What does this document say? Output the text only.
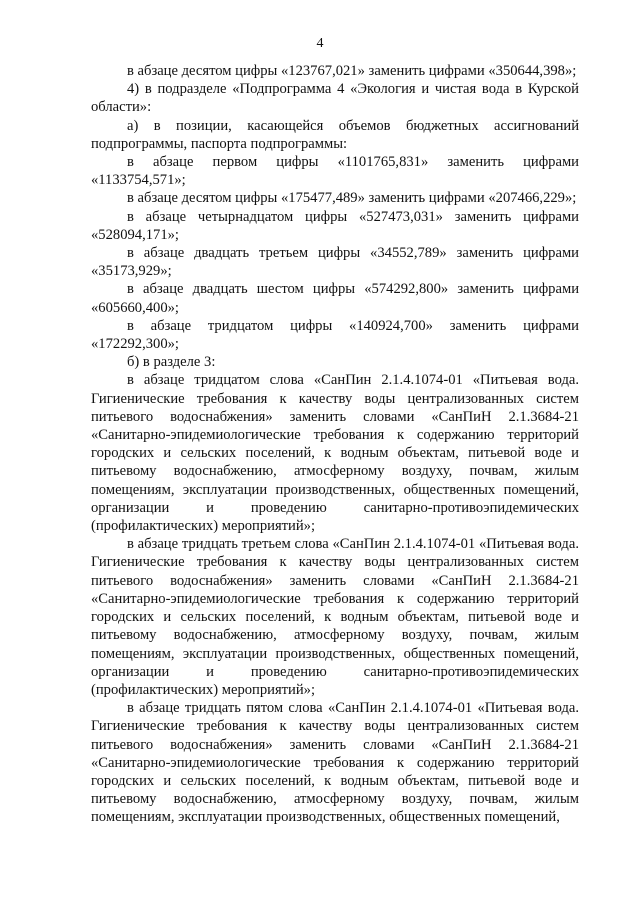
4

в абзаце десятом цифры «123767,021» заменить цифрами «350644,398»;

4) в подразделе «Подпрограмма 4 «Экология и чистая вода в Курской области»:

а) в позиции, касающейся объемов бюджетных ассигнований подпрограммы, паспорта подпрограммы:

в абзаце первом цифры «1101765,831» заменить цифрами «1133754,571»;

в абзаце десятом цифры «175477,489» заменить цифрами «207466,229»;

в абзаце четырнадцатом цифры «527473,031» заменить цифрами «528094,171»;

в абзаце двадцать третьем цифры «34552,789» заменить цифрами «35173,929»;

в абзаце двадцать шестом цифры «574292,800» заменить цифрами «605660,400»;

в абзаце тридцатом цифры «140924,700» заменить цифрами «172292,300»;

б) в разделе 3:

в абзаце тридцатом слова «СанПин 2.1.4.1074-01 «Питьевая вода. Гигиенические требования к качеству воды централизованных систем питьевого водоснабжения» заменить словами «СанПиН 2.1.3684-21 «Санитарно-эпидемиологические требования к содержанию территорий городских и сельских поселений, к водным объектам, питьевой воде и питьевому водоснабжению, атмосферному воздуху, почвам, жилым помещениям, эксплуатации производственных, общественных помещений, организации и проведению санитарно-противоэпидемических (профилактических) мероприятий»;

в абзаце тридцать третьем слова «СанПин 2.1.4.1074-01 «Питьевая вода. Гигиенические требования к качеству воды централизованных систем питьевого водоснабжения» заменить словами «СанПиН 2.1.3684-21 «Санитарно-эпидемиологические требования к содержанию территорий городских и сельских поселений, к водным объектам, питьевой воде и питьевому водоснабжению, атмосферному воздуху, почвам, жилым помещениям, эксплуатации производственных, общественных помещений, организации и проведению санитарно-противоэпидемических (профилактических) мероприятий»;

в абзаце тридцать пятом слова «СанПин 2.1.4.1074-01 «Питьевая вода. Гигиенические требования к качеству воды централизованных систем питьевого водоснабжения» заменить словами «СанПиН 2.1.3684-21 «Санитарно-эпидемиологические требования к содержанию территорий городских и сельских поселений, к водным объектам, питьевой воде и питьевому водоснабжению, атмосферному воздуху, почвам, жилым помещениям, эксплуатации производственных, общественных помещений,
